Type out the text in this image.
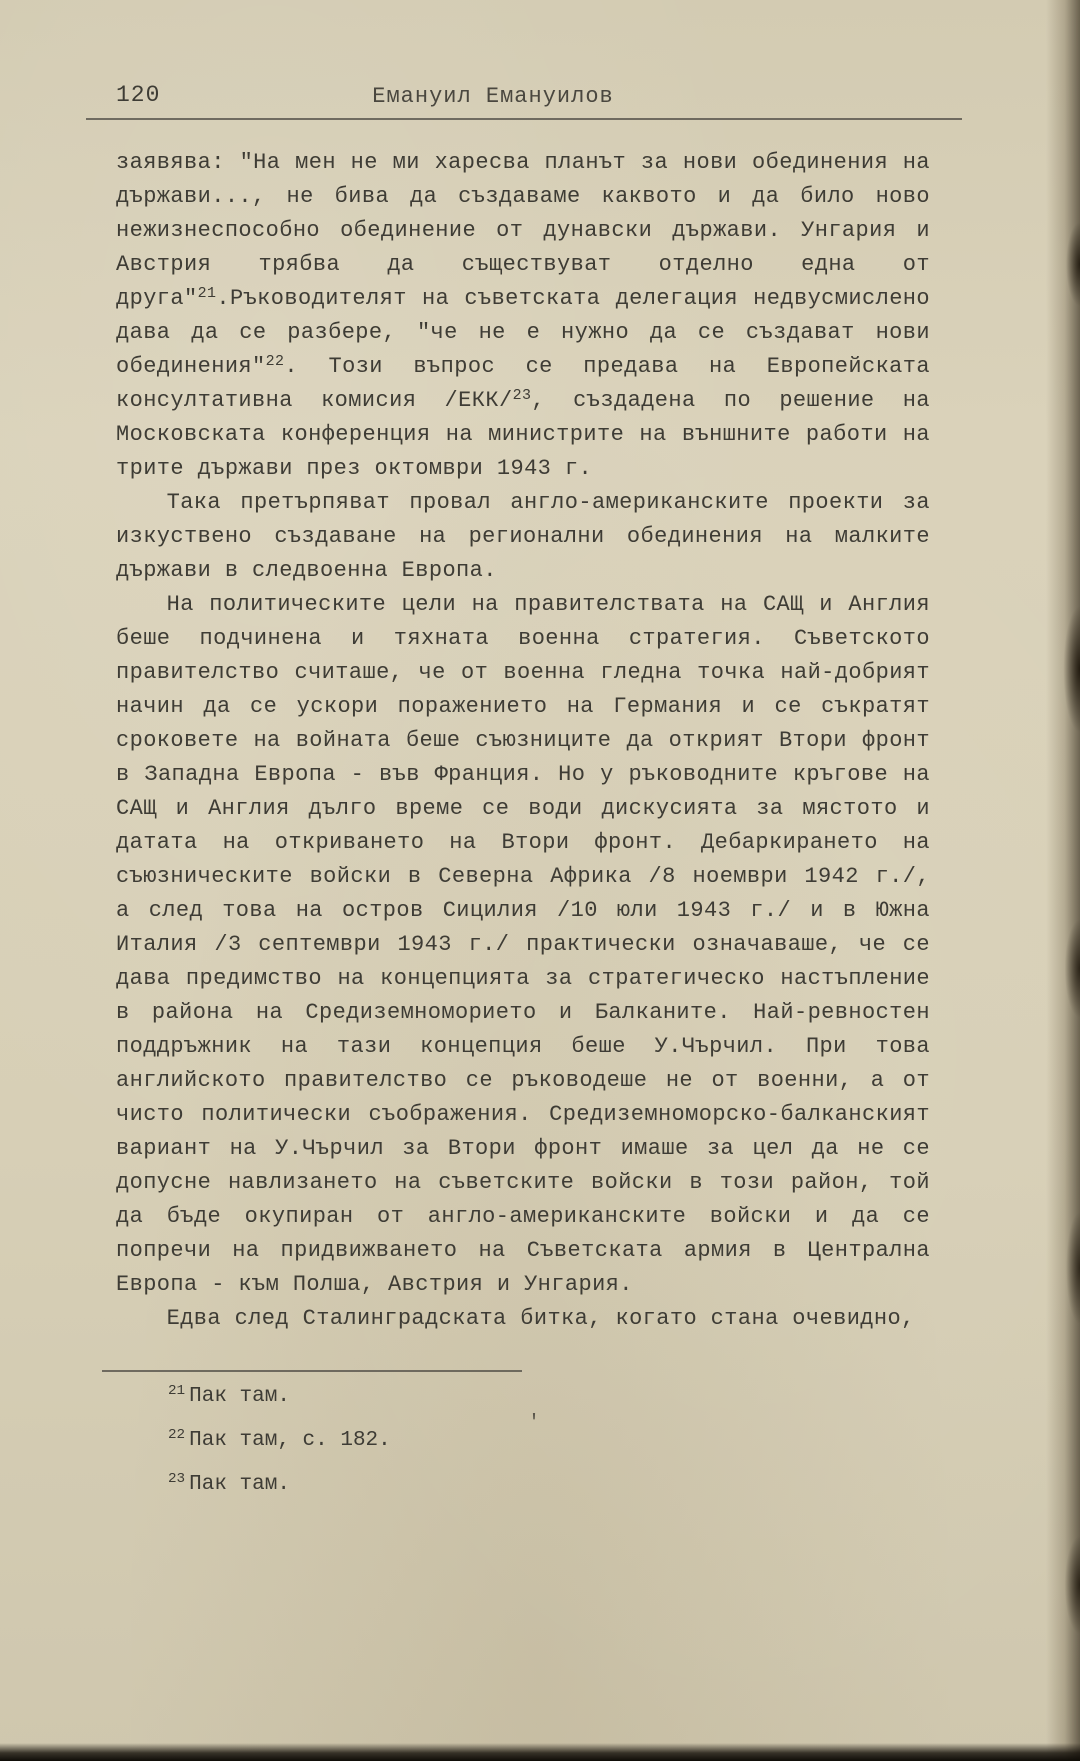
120	Емануил Емануилов

заявява: "На мен не ми харесва планът за нови обединения на държави..., не бива да създаваме каквото и да било ново нежизнеспособно обединение от дунавски държави. Унгария и Австрия трябва да съществуват отделно една от друга"$^{21}$.Ръководителят на съветската делегация недвусмислено дава да се разбере, "че не е нужно да се създават нови обединения"$^{22}$. Този въпрос се предава на Европейската консултативна комисия /ЕКК/$^{23}$, създадена по решение на Московската конференция на министрите на външните работи на трите държави през октомври 1943 г.

Така претърпяват провал англо-американските проекти за изкуствено създаване на регионални обединения на малките държави в следвоенна Европа.

На политическите цели на правителствата на САЩ и Англия беше подчинена и тяхната военна стратегия. Съветското правителство считаше, че от военна гледна точка най-добрият начин да се ускори поражението на Германия и се съкратят сроковете на войната беше съюзниците да открият Втори фронт в Западна Европа - във Франция. Но у ръководните кръгове на САЩ и Англия дълго време се води дискусията за мястото и датата на откриването на Втори фронт. Дебаркирането на съюзническите войски в Северна Африка /8 ноември 1942 г./, а след това на остров Сицилия /10 юли 1943 г./ и в Южна Италия /3 септември 1943 г./ практически означаваше, че се дава предимство на концепцията за стратегическо настъпление в района на Средиземноморието и Балканите. Най-ревностен поддръжник на тази концепция беше У.Чърчил. При това английското правителство се ръководеше не от военни, а от чисто политически съображения. Средиземноморско-балканският вариант на У.Чърчил за Втори фронт имаше за цел да не се допусне навлизането на съветските войски в този район, той да бъде окупиран от англо-американските войски и да се попречи на придвижването на Съветската армия в Централна Европа - към Полша, Австрия и Унгария.

Едва след Сталинградската битка, когато стана очевидно,

$^{21}$ Пак там.
$^{22}$ Пак там, с. 182.
$^{23}$ Пак там.
'
